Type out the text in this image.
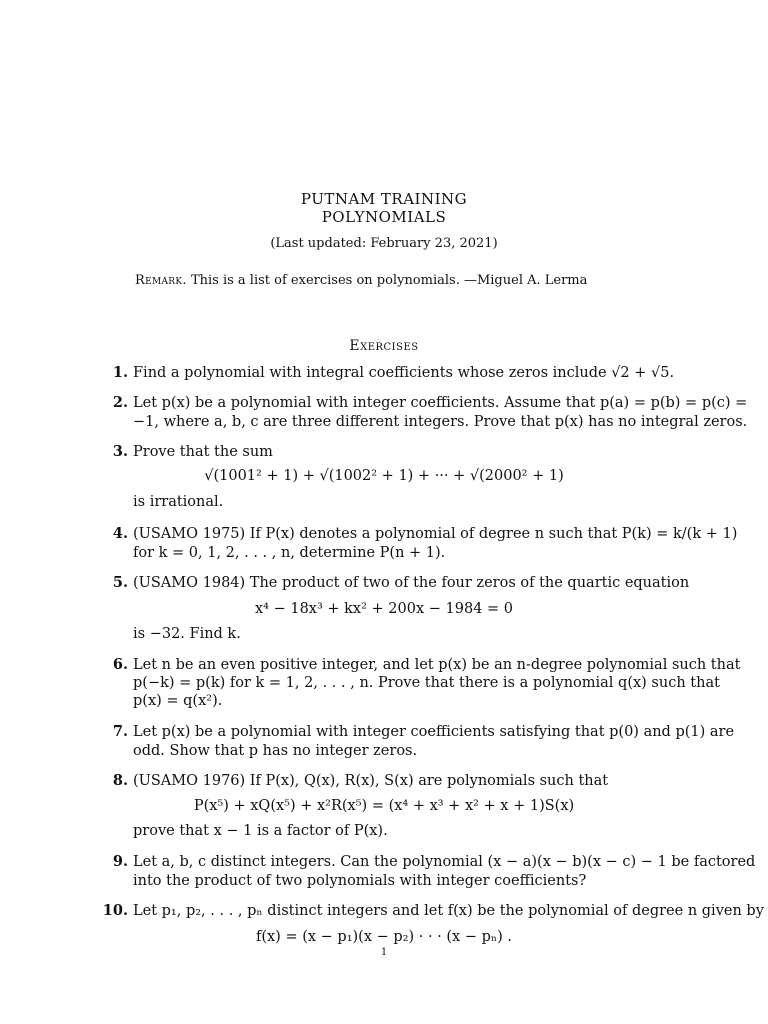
PUTNAM TRAINING
POLYNOMIALS
(Last updated: February 23, 2021)
Remark. This is a list of exercises on polynomials. —Miguel A. Lerma
Exercises
1. Find a polynomial with integral coefficients whose zeros include √2 + √5.
2. Let p(x) be a polynomial with integer coefficients. Assume that p(a) = p(b) = p(c) =
−1, where a, b, c are three different integers. Prove that p(x) has no integral zeros.
3. Prove that the sum
√(1001² + 1) + √(1002² + 1) + ··· + √(2000² + 1)
is irrational.
4. (USAMO 1975) If P(x) denotes a polynomial of degree n such that P(k) = k/(k + 1)
for k = 0, 1, 2, . . . , n, determine P(n + 1).
5. (USAMO 1984) The product of two of the four zeros of the quartic equation
x⁴ − 18x³ + kx² + 200x − 1984 = 0
is −32. Find k.
6. Let n be an even positive integer, and let p(x) be an n-degree polynomial such that
p(−k) = p(k) for k = 1, 2, . . . , n. Prove that there is a polynomial q(x) such that
p(x) = q(x²).
7. Let p(x) be a polynomial with integer coefficients satisfying that p(0) and p(1) are
odd. Show that p has no integer zeros.
8. (USAMO 1976) If P(x), Q(x), R(x), S(x) are polynomials such that
P(x⁵) + xQ(x⁵) + x²R(x⁵) = (x⁴ + x³ + x² + x + 1)S(x)
prove that x − 1 is a factor of P(x).
9. Let a, b, c distinct integers. Can the polynomial (x − a)(x − b)(x − c) − 1 be factored
into the product of two polynomials with integer coefficients?
10. Let p₁, p₂, . . . , pₙ distinct integers and let f(x) be the polynomial of degree n given by
f(x) = (x − p₁)(x − p₂) · · · (x − pₙ) .
1
